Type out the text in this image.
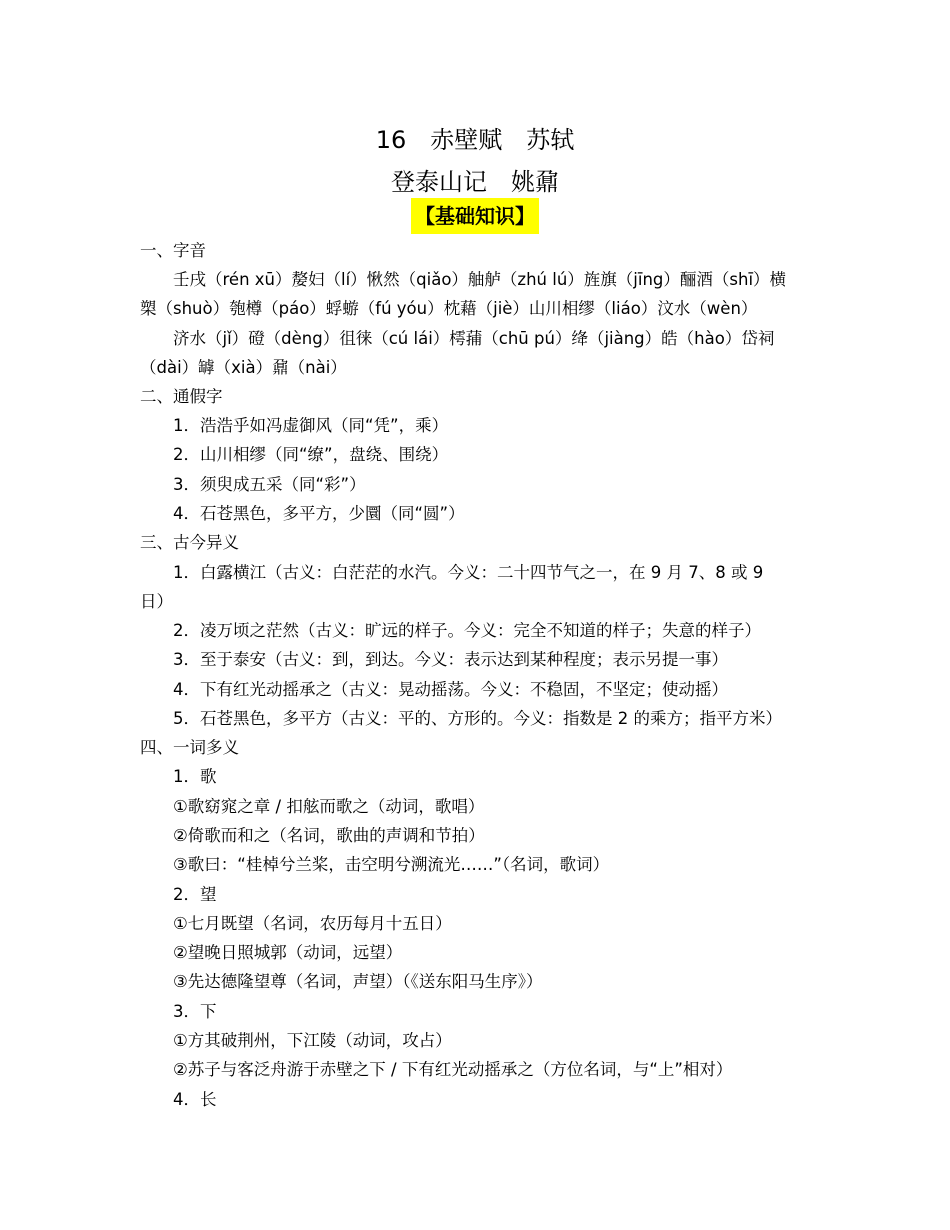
16　赤壁赋　苏轼
登泰山记　姚鼐
【基础知识】
一、字音
壬戌（rén xū）嫠妇（lí）愀然（qiǎo）舳舻（zhú lú）旌旗（jīng）酾酒（shī）横
槊（shuò）匏樽（páo）蜉蝣（fú yóu）枕藉（jiè）山川相缪（liáo）汶水（wèn）
济水（jǐ）磴（dèng）徂徕（cú lái）樗蒱（chū pú）绛（jiàng）皓（hào）岱祠
（dài）罅（xià）鼐（nài）
二、通假字
1．浩浩乎如冯虚御风（同“凭”，乘）
2．山川相缪（同“缭”，盘绕、围绕）
3．须臾成五采（同“彩”）
4．石苍黑色，多平方，少圜（同“圆”）
三、古今异义
1．白露横江（古义：白茫茫的水汽。今义：二十四节气之一，在 9 月 7、8 或 9
日）
2．凌万顷之茫然（古义：旷远的样子。今义：完全不知道的样子；失意的样子）
3．至于泰安（古义：到，到达。今义：表示达到某种程度；表示另提一事）
4．下有红光动摇承之（古义：晃动摇荡。今义：不稳固，不坚定；使动摇）
5．石苍黑色，多平方（古义：平的、方形的。今义：指数是 2 的乘方；指平方米）
四、一词多义
1．歌
①歌窈窕之章 / 扣舷而歌之（动词，歌唱）
②倚歌而和之（名词，歌曲的声调和节拍）
③歌曰：“桂棹兮兰桨，击空明兮溯流光……”（名词，歌词）
2．望
①七月既望（名词，农历每月十五日）
②望晚日照城郭（动词，远望）
③先达德隆望尊（名词，声望）（《送东阳马生序》）
3．下
①方其破荆州，下江陵（动词，攻占）
②苏子与客泛舟游于赤壁之下 / 下有红光动摇承之（方位名词，与“上”相对）
4．长
